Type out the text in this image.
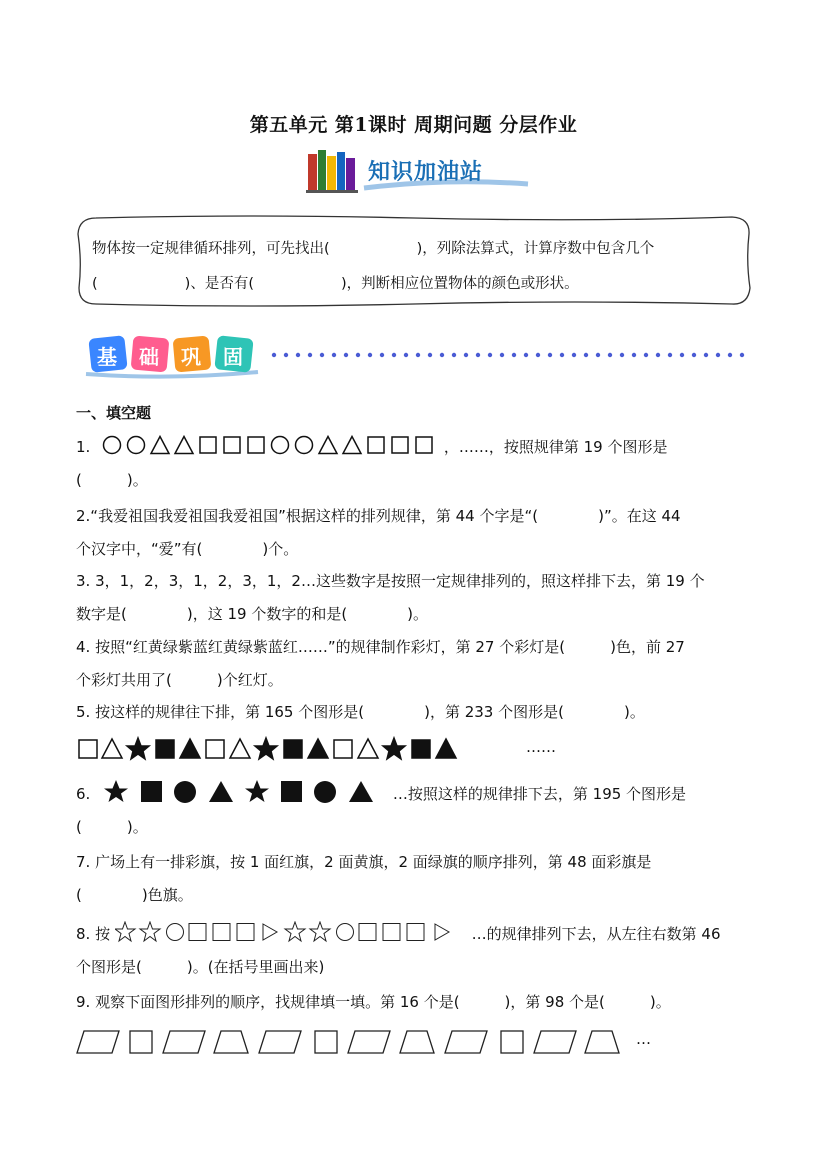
第五单元 第1课时 周期问题 分层作业
知识加油站
物体按一定规律循环排列，可先找出(　　　　　　)，列除法算式，计算序数中包含几个
(　　　　　　)、是否有(　　　　　　)，判断相应位置物体的颜色或形状。
基 础 巩 固
一、填空题
1.	，……，按照规律第 19 个图形是
(　　　)。
2.“我爱祖国我爱祖国我爱祖国”根据这样的排列规律，第 44 个字是“(　　　　)”。在这 44
个汉字中，“爱”有(　　　　)个。
3. 3，1，2，3，1，2，3，1，2…这些数字是按照一定规律排列的，照这样排下去，第 19 个
数字是(　　　　)，这 19 个数字的和是(　　　　)。
4. 按照“红黄绿紫蓝红黄绿紫蓝红……”的规律制作彩灯，第 27 个彩灯是(　　　)色，前 27
个彩灯共用了(　　　)个红灯。
5. 按这样的规律往下排，第 165 个图形是(　　　　)，第 233 个图形是(　　　　)。
……
6.	…按照这样的规律排下去，第 195 个图形是
(　　　)。
7. 广场上有一排彩旗，按 1 面红旗，2 面黄旗，2 面绿旗的顺序排列，第 48 面彩旗是
(　　　　)色旗。
8. 按	…的规律排列下去，从左往右数第 46
个图形是(　　　)。(在括号里画出来)
9. 观察下面图形排列的顺序，找规律填一填。第 16 个是(　　　)，第 98 个是(　　　)。
…
